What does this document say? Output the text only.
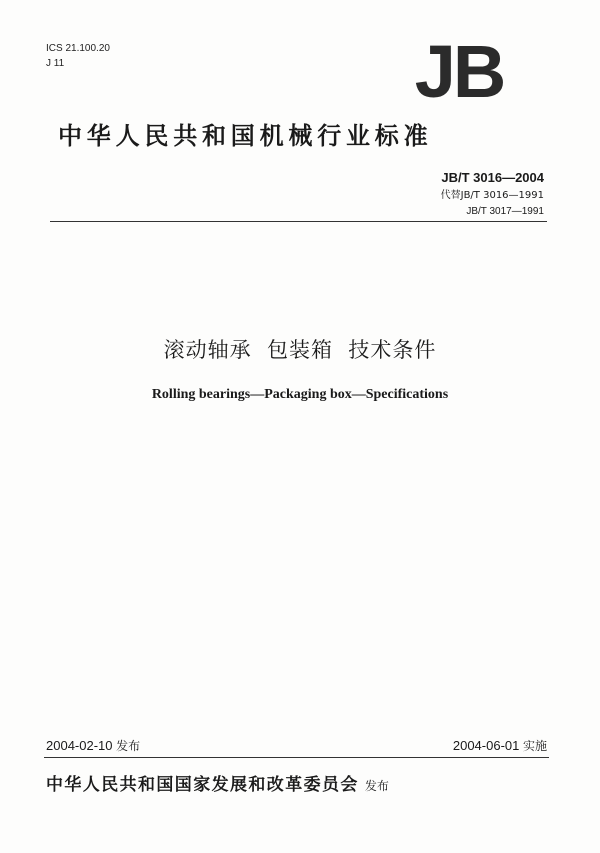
ICS 21.100.20
J 11	JB
中华人民共和国机械行业标准
JB/T 3016—2004
代替JB/T 3016—1991
JB/T 3017—1991
滚动轴承  包装箱  技术条件
Rolling bearings—Packaging box—Specifications
2004-02-10 发布	2004-06-01 实施
中华人民共和国国家发展和改革委员会 发布
